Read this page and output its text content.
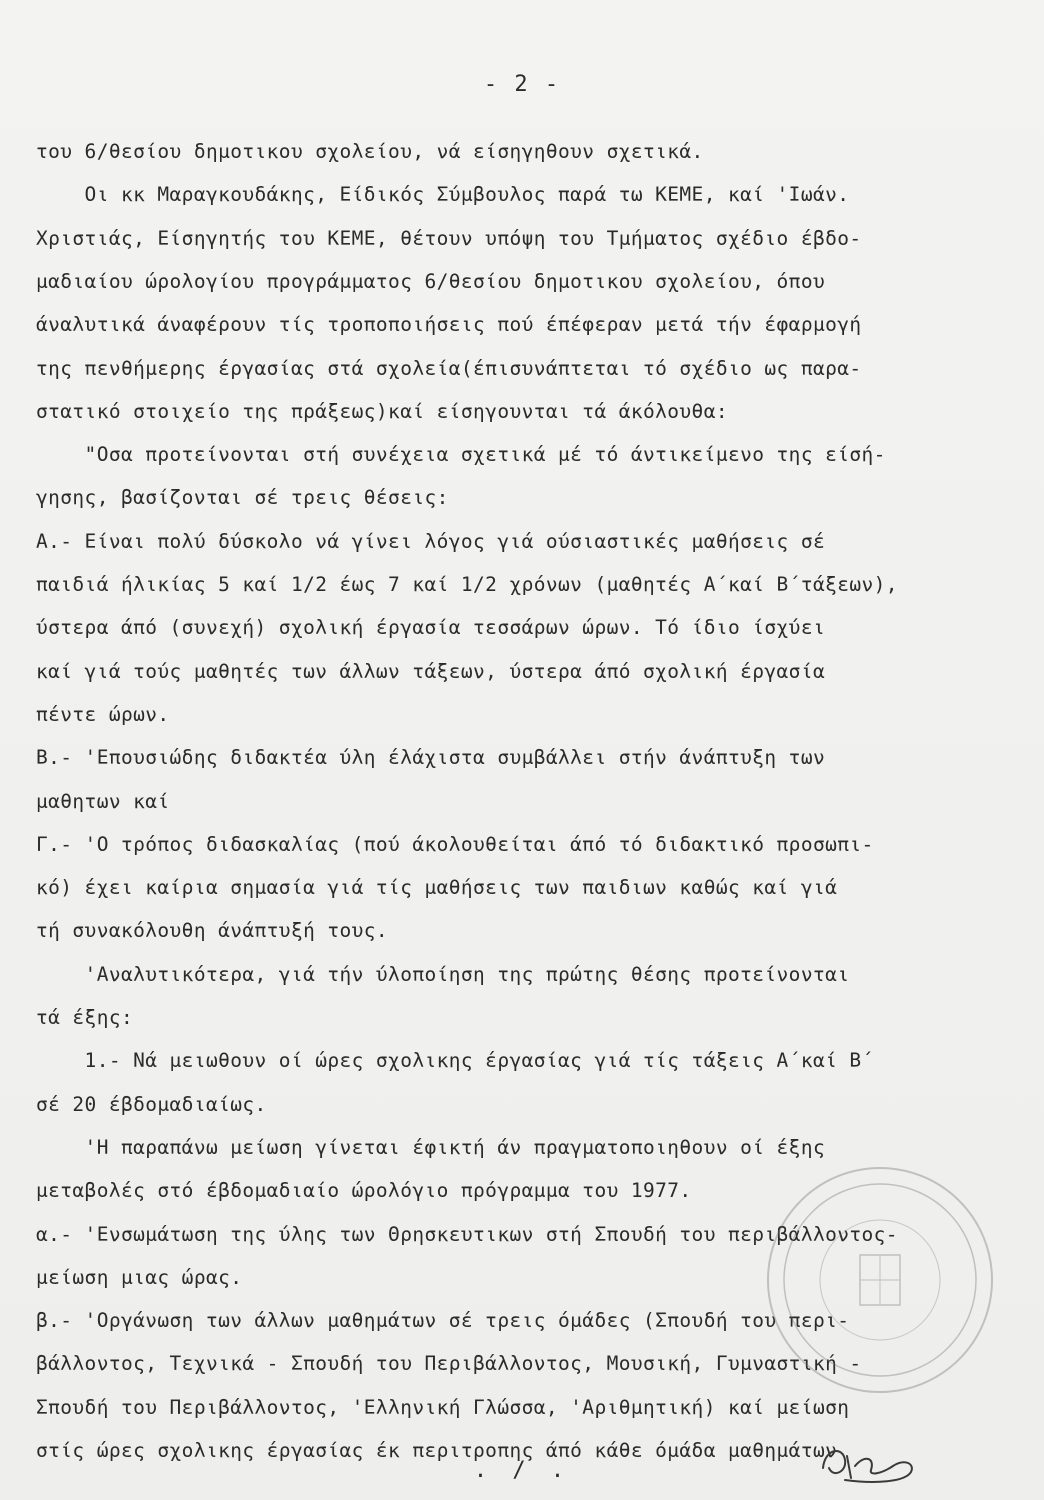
- 2 -
του 6/θεσίου δημοτικου σχολείου, νά είσηγηθουν σχετικά.
Οι κκ Μαραγκουδάκης, Είδικός Σύμβουλος παρά τω ΚΕΜΕ, καί 'Ιωάν.
Χριστιάς, Είσηγητής του ΚΕΜΕ, θέτουν υπόψη του Τμήματος σχέδιο έβδο-
μαδιαίου ώρολογίου προγράμματος 6/θεσίου δημοτικου σχολείου, όπου
άναλυτικά άναφέρουν τίς τροποποιήσεις πού έπέφεραν μετά τήν έφαρμογή
της πενθήμερης έργασίας στά σχολεία(έπισυνάπτεται τό σχέδιο ως παρα-
στατικό στοιχείο της πράξεως)καί είσηγουνται τά άκόλουθα:
"Οσα προτείνονται στή συνέχεια σχετικά μέ τό άντικείμενο της είσή-
γησης, βασίζονται σέ τρεις θέσεις:
Α.- Είναι πολύ δύσκολο νά γίνει λόγος γιά ούσιαστικές μαθήσεις σέ
παιδιά ήλικίας 5 καί 1/2 έως 7 καί 1/2 χρόνων (μαθητές Α΄καί Β΄τάξεων),
ύστερα άπό (συνεχή) σχολική έργασία τεσσάρων ώρων. Τό ίδιο ίσχύει
καί γιά τούς μαθητές των άλλων τάξεων, ύστερα άπό σχολική έργασία
πέντε ώρων.
Β.- 'Επουσιώδης διδακτέα ύλη έλάχιστα συμβάλλει στήν άνάπτυξη των
μαθητων καί
Γ.- 'Ο τρόπος διδασκαλίας (πού άκολουθείται άπό τό διδακτικό προσωπι-
κό) έχει καίρια σημασία γιά τίς μαθήσεις των παιδιων καθώς καί γιά
τή συνακόλουθη άνάπτυξή τους.
'Αναλυτικότερα, γιά τήν ύλοποίηση της πρώτης θέσης προτείνονται
τά έξης:
1.- Νά μειωθουν οί ώρες σχολικης έργασίας γιά τίς τάξεις Α΄καί Β΄
σέ 20 έβδομαδιαίως.
'Η παραπάνω μείωση γίνεται έφικτή άν πραγματοποιηθουν οί έξης
μεταβολές στό έβδομαδιαίο ώρολόγιο πρόγραμμα του 1977.
α.- 'Ενσωμάτωση της ύλης των Θρησκευτικων στή Σπουδή του περιβάλλοντος-
μείωση μιας ώρας.
β.- 'Οργάνωση των άλλων μαθημάτων σέ τρεις όμάδες (Σπουδή του περι-
βάλλοντος, Τεχνικά - Σπουδή του Περιβάλλοντος, Μουσική, Γυμναστική -
Σπουδή του Περιβάλλοντος, 'Ελληνική Γλώσσα, 'Αριθμητική) καί μείωση
στίς ώρες σχολικης έργασίας έκ περιτροπης άπό κάθε όμάδα μαθημάτων
. / .
